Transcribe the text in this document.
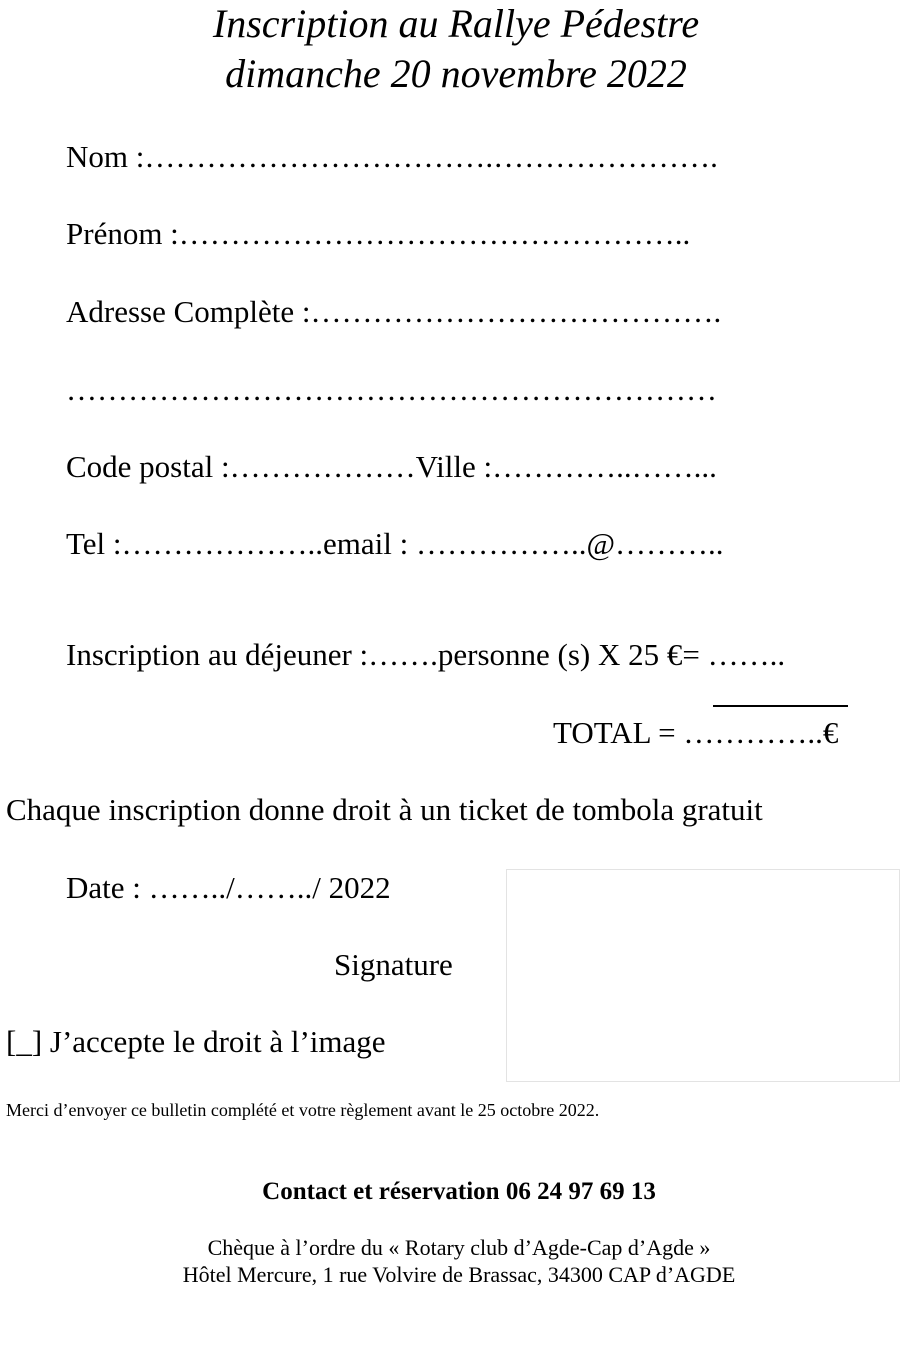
Inscription au Rallye Pédestre
dimanche 20 novembre 2022
Nom :…………………………….………………….
Prénom :…………………………………………..
Adresse Complète :………………………………….
………………………………………………………
Code postal :………………Ville :…………..……...
Tel :………………..email : ……………..@………..
Inscription au déjeuner :…….personne (s) X 25 €= ……..
TOTAL = …………..€
Chaque inscription donne droit à un ticket de tombola gratuit
Date : ……../……../ 2022
Signature
[_] J’accepte le droit à l’image
Merci d’envoyer ce bulletin complété et votre règlement avant le 25 octobre 2022.
Contact et réservation 06 24 97 69 13
Chèque à l’ordre du « Rotary club d’Agde-Cap d’Agde »
Hôtel Mercure, 1 rue Volvire de Brassac, 34300 CAP d’AGDE
